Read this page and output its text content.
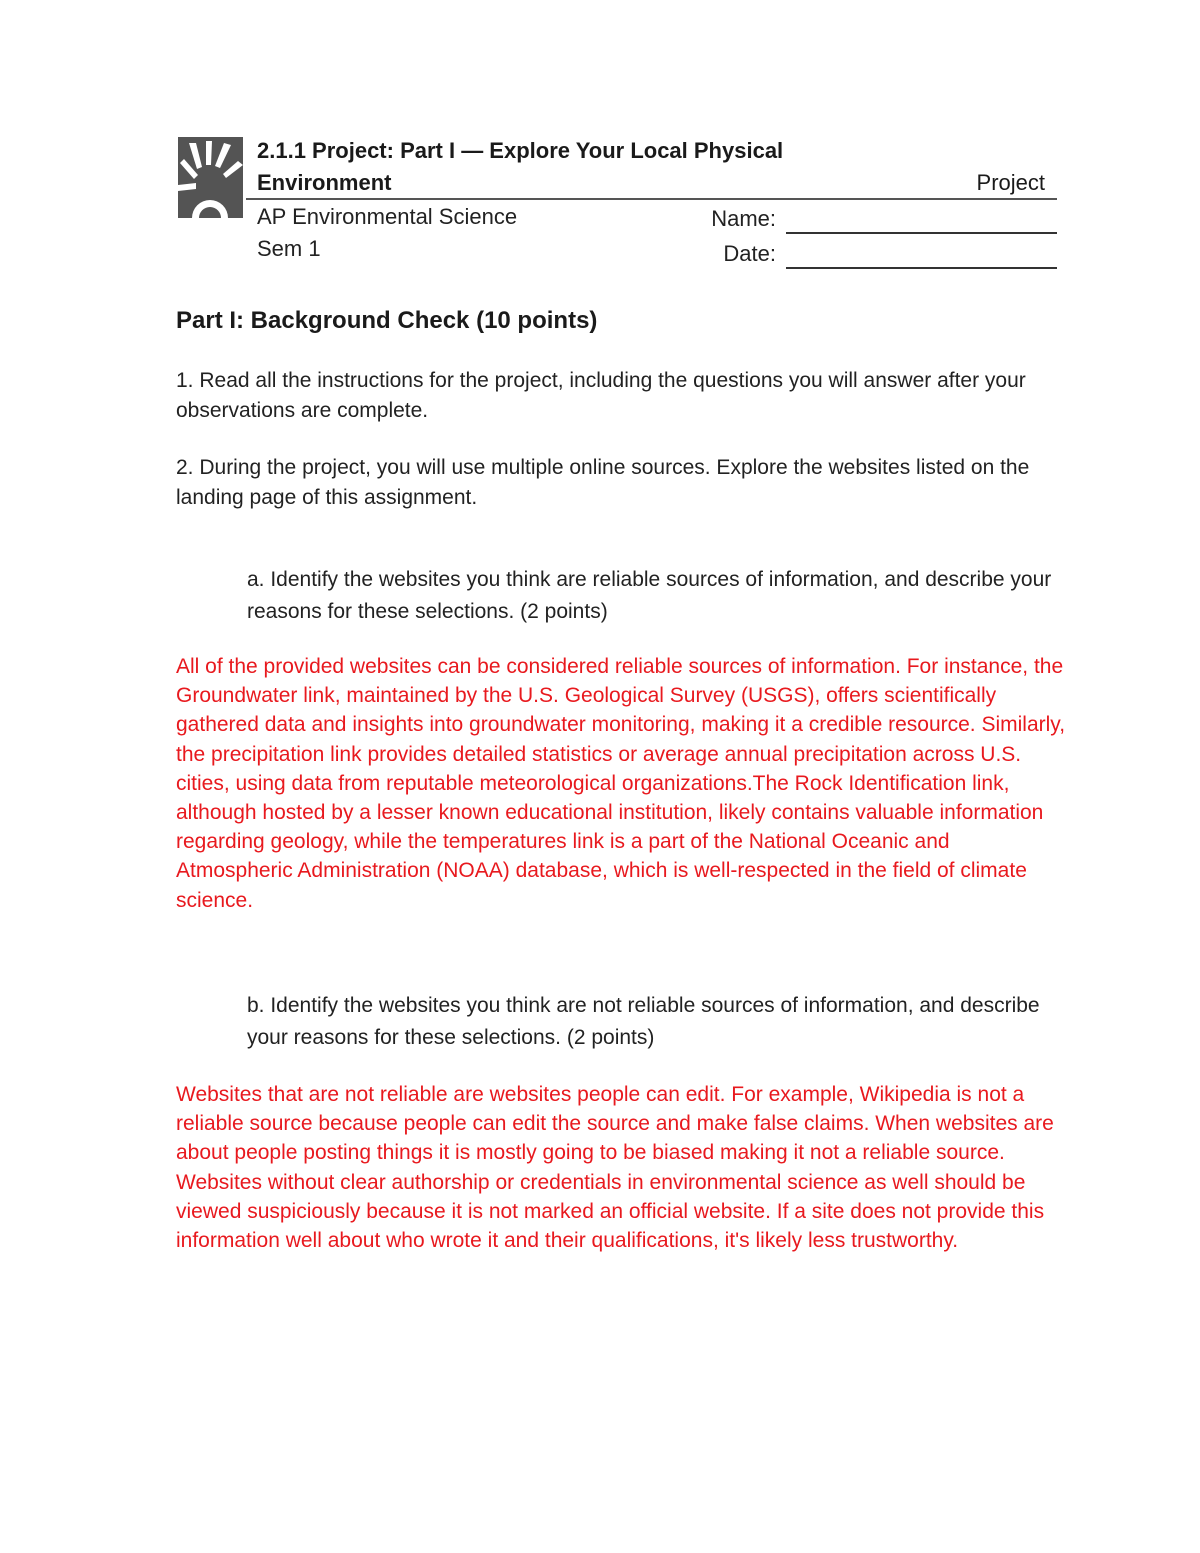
2.1.1 Project: Part I — Explore Your Local Physical Environment	Project
AP Environmental Science Sem 1
Name:
Date:
Part I: Background Check (10 points)
1. Read all the instructions for the project, including the questions you will answer after your observations are complete.
2. During the project, you will use multiple online sources. Explore the websites listed on the landing page of this assignment.
a. Identify the websites you think are reliable sources of information, and describe your reasons for these selections. (2 points)
All of the provided websites can be considered reliable sources of information. For instance, the Groundwater link, maintained by the U.S. Geological Survey (USGS), offers scientifically gathered data and insights into groundwater monitoring, making it a credible resource. Similarly, the precipitation link provides detailed statistics or average annual precipitation across U.S. cities, using data from reputable meteorological organizations.The Rock Identification link, although hosted by a lesser known educational institution, likely contains valuable information regarding geology, while the temperatures link is a part of the National Oceanic and Atmospheric Administration (NOAA) database, which is well-respected in the field of climate science.
b. Identify the websites you think are not reliable sources of information, and describe your reasons for these selections. (2 points)
Websites that are not reliable are websites people can edit. For example, Wikipedia is not a reliable source because people can edit the source and make false claims. When websites are about people posting things it is mostly going to be biased making it not a reliable source. Websites without clear authorship or credentials in environmental science as well should be viewed suspiciously because it is not marked an official website. If a site does not provide this information well about who wrote it and their qualifications, it's likely less trustworthy.
